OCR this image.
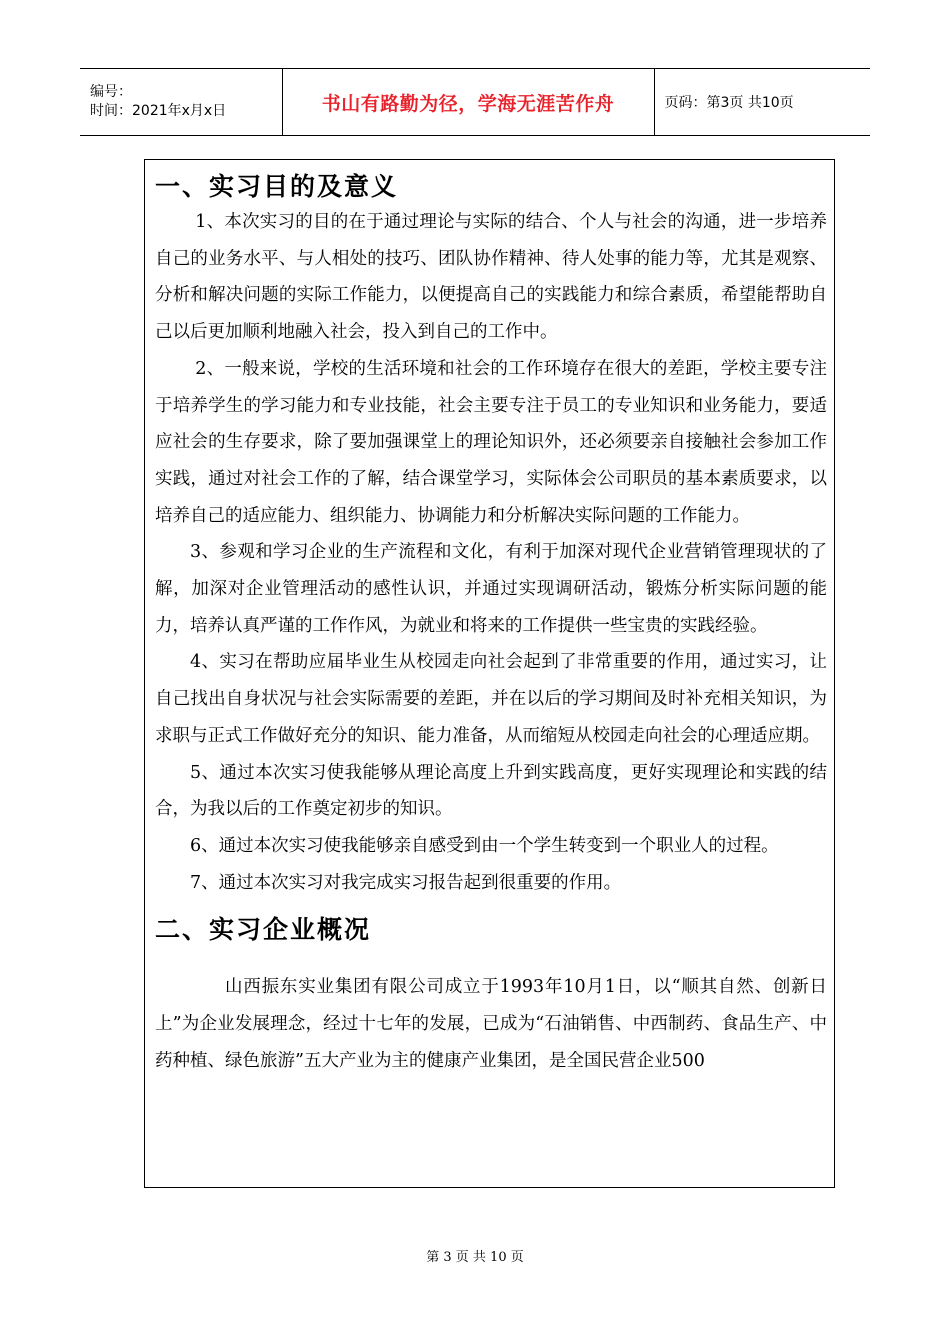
编号：
时间：2021年x月x日	书山有路勤为径，学海无涯苦作舟	页码：第3页 共10页
一、实习目的及意义

1、本次实习的目的在于通过理论与实际的结合、个人与社会的沟通，进一步培养自己的业务水平、与人相处的技巧、团队协作精神、待人处事的能力等，尤其是观察、分析和解决问题的实际工作能力，以便提高自己的实践能力和综合素质，希望能帮助自己以后更加顺利地融入社会，投入到自己的工作中。

2、一般来说，学校的生活环境和社会的工作环境存在很大的差距，学校主要专注于培养学生的学习能力和专业技能，社会主要专注于员工的专业知识和业务能力，要适应社会的生存要求，除了要加强课堂上的理论知识外，还必须要亲自接触社会参加工作实践，通过对社会工作的了解，结合课堂学习，实际体会公司职员的基本素质要求，以培养自己的适应能力、组织能力、协调能力和分析解决实际问题的工作能力。

3、参观和学习企业的生产流程和文化，有利于加深对现代企业营销管理现状的了解，加深对企业管理活动的感性认识，并通过实现调研活动，锻炼分析实际问题的能力，培养认真严谨的工作作风，为就业和将来的工作提供一些宝贵的实践经验。

4、实习在帮助应届毕业生从校园走向社会起到了非常重要的作用，通过实习，让自己找出自身状况与社会实际需要的差距，并在以后的学习期间及时补充相关知识，为求职与正式工作做好充分的知识、能力准备，从而缩短从校园走向社会的心理适应期。

5、通过本次实习使我能够从理论高度上升到实践高度，更好实现理论和实践的结合，为我以后的工作奠定初步的知识。

6、通过本次实习使我能够亲自感受到由一个学生转变到一个职业人的过程。

7、通过本次实习对我完成实习报告起到很重要的作用。

二、实习企业概况

山西振东实业集团有限公司成立于1993年10月1日，以“顺其自然、创新日上”为企业发展理念，经过十七年的发展，已成为“石油销售、中西制药、食品生产、中药种植、绿色旅游”五大产业为主的健康产业集团，是全国民营企业500

第 3 页 共 10 页
